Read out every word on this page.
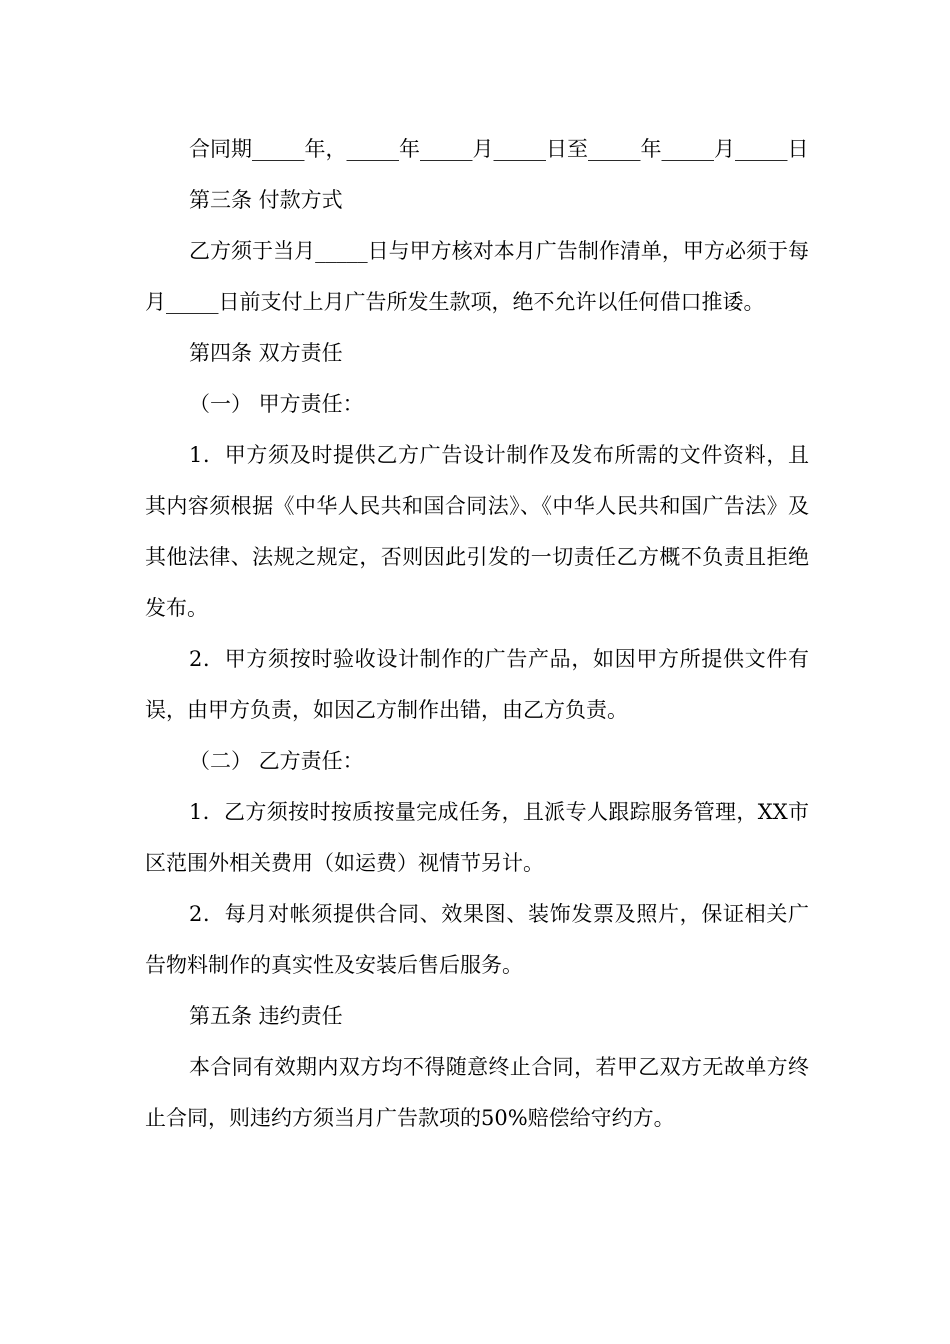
合同期_____年，_____年_____月_____日至_____年_____月_____日

第三条 付款方式

乙方须于当月_____日与甲方核对本月广告制作清单，甲方必须于每月_____日前支付上月广告所发生款项，绝不允许以任何借口推诿。

第四条 双方责任

（一） 甲方责任：

1．甲方须及时提供乙方广告设计制作及发布所需的文件资料，且其内容须根据《中华人民共和国合同法》、《中华人民共和国广告法》及其他法律、法规之规定，否则因此引发的一切责任乙方概不负责且拒绝发布。

2．甲方须按时验收设计制作的广告产品，如因甲方所提供文件有误，由甲方负责，如因乙方制作出错，由乙方负责。

（二） 乙方责任：

1．乙方须按时按质按量完成任务，且派专人跟踪服务管理，XX市区范围外相关费用（如运费）视情节另计。

2．每月对帐须提供合同、效果图、装饰发票及照片，保证相关广告物料制作的真实性及安装后售后服务。

第五条 违约责任

本合同有效期内双方均不得随意终止合同，若甲乙双方无故单方终止合同，则违约方须当月广告款项的50%赔偿给守约方。
